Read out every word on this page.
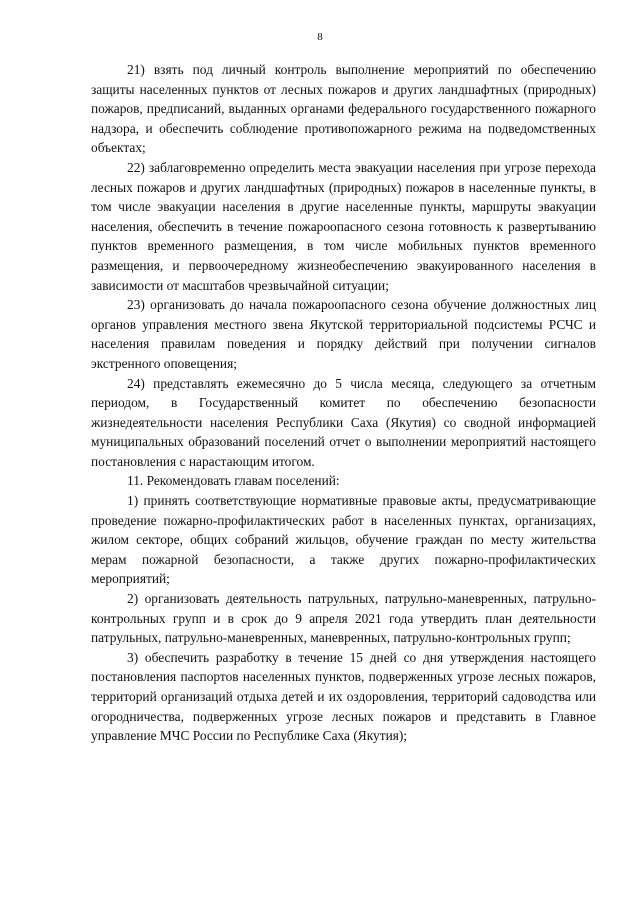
8

21) взять под личный контроль выполнение мероприятий по обеспечению защиты населенных пунктов от лесных пожаров и других ландшафтных (природных) пожаров, предписаний, выданных органами федерального государственного пожарного надзора, и обеспечить соблюдение противопожарного режима на подведомственных объектах;

22) заблаговременно определить места эвакуации населения при угрозе перехода лесных пожаров и других ландшафтных (природных) пожаров в населенные пункты, в том числе эвакуации населения в другие населенные пункты, маршруты эвакуации населения, обеспечить в течение пожароопасного сезона готовность к развертыванию пунктов временного размещения, в том числе мобильных пунктов временного размещения, и первоочередному жизнеобеспечению эвакуированного населения в зависимости от масштабов чрезвычайной ситуации;

23) организовать до начала пожароопасного сезона обучение должностных лиц органов управления местного звена Якутской территориальной подсистемы РСЧС и населения правилам поведения и порядку действий при получении сигналов экстренного оповещения;

24) представлять ежемесячно до 5 числа месяца, следующего за отчетным периодом, в Государственный комитет по обеспечению безопасности жизнедеятельности населения Республики Саха (Якутия) со сводной информацией муниципальных образований поселений отчет о выполнении мероприятий настоящего постановления с нарастающим итогом.

11. Рекомендовать главам поселений:

1) принять соответствующие нормативные правовые акты, предусматривающие проведение пожарно-профилактических работ в населенных пунктах, организациях, жилом секторе, общих собраний жильцов, обучение граждан по месту жительства мерам пожарной безопасности, а также других пожарно-профилактических мероприятий;

2) организовать деятельность патрульных, патрульно-маневренных, патрульно-контрольных групп и в срок до 9 апреля 2021 года утвердить план деятельности патрульных, патрульно-маневренных, маневренных, патрульно-контрольных групп;

3) обеспечить разработку в течение 15 дней со дня утверждения настоящего постановления паспортов населенных пунктов, подверженных угрозе лесных пожаров, территорий организаций отдыха детей и их оздоровления, территорий садоводства или огородничества, подверженных угрозе лесных пожаров и представить в Главное управление МЧС России по Республике Саха (Якутия);
